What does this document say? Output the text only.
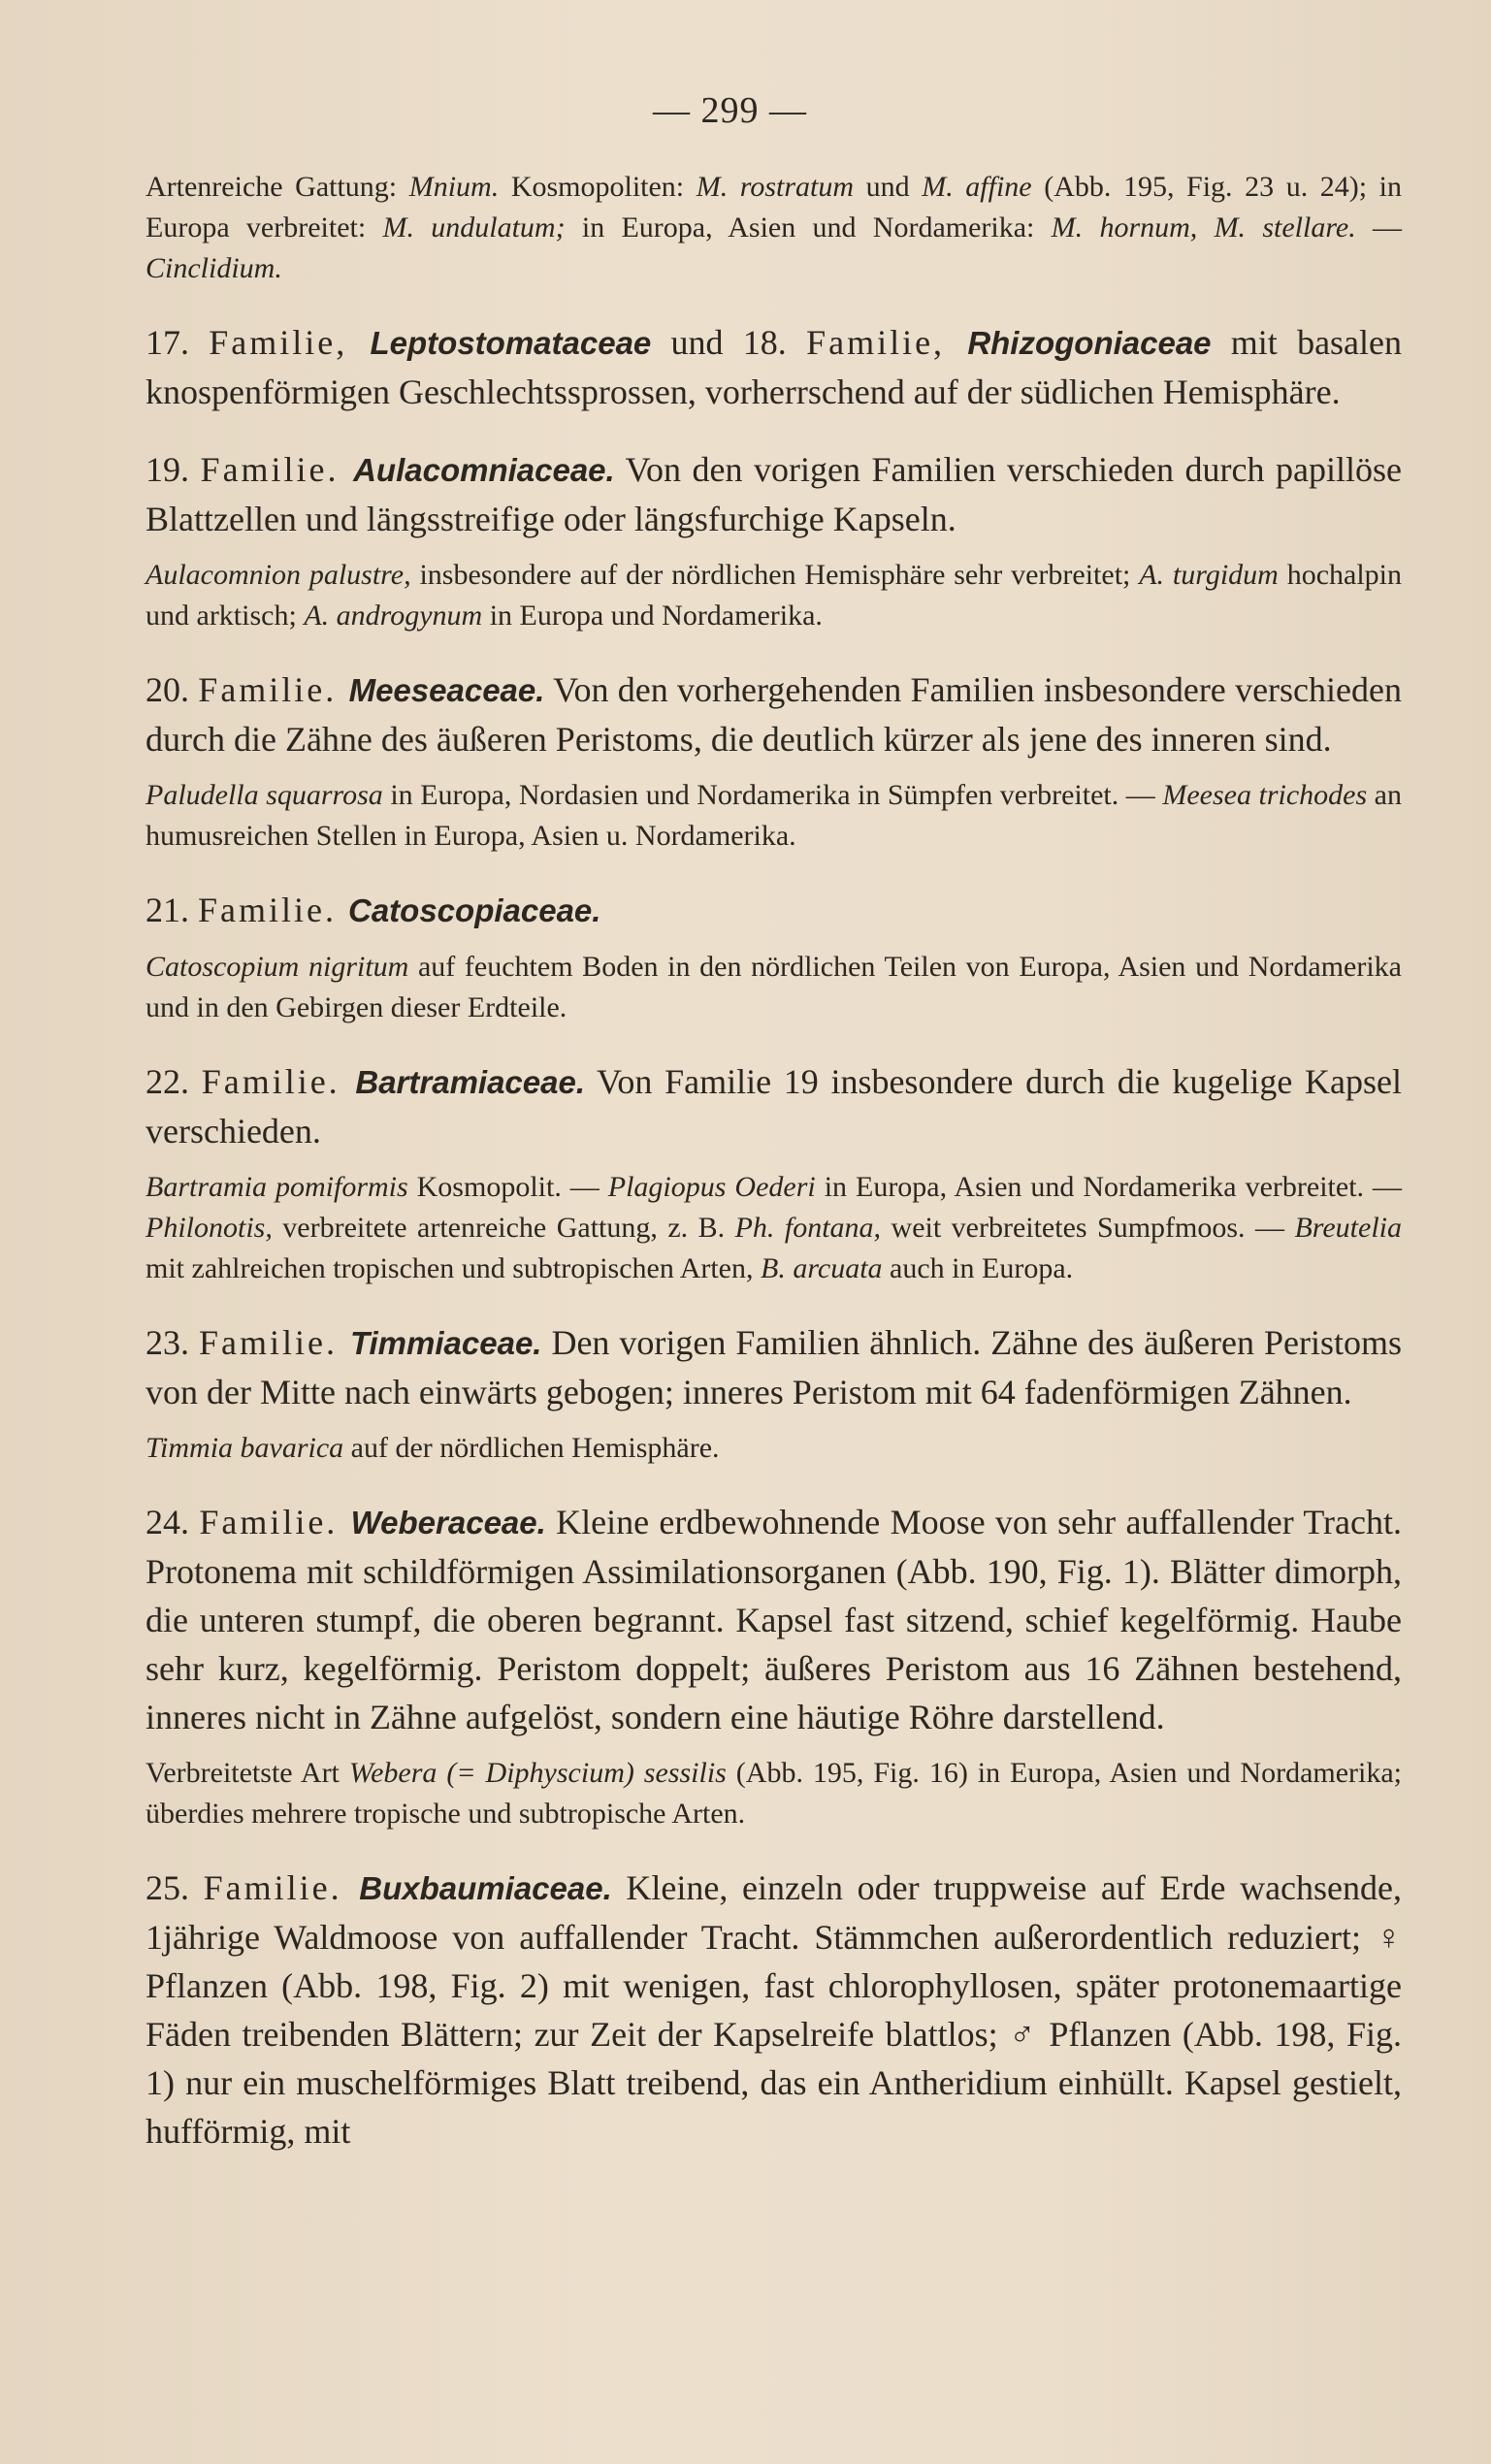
— 299 —

Artenreiche Gattung: Mnium. Kosmopoliten: M. rostratum und M. affine (Abb. 195, Fig. 23 u. 24); in Europa verbreitet: M. undulatum; in Europa, Asien und Nordamerika: M. hornum, M. stellare. — Cinclidium.

17. Familie, Leptostomataceae und 18. Familie, Rhizogoniaceae mit basalen knospenförmigen Geschlechtssprossen, vorherrschend auf der südlichen Hemisphäre.

19. Familie. Aulacomniaceae. Von den vorigen Familien verschieden durch papillöse Blattzellen und längsstreifige oder längsfurchige Kapseln.

Aulacomnion palustre, insbesondere auf der nördlichen Hemisphäre sehr verbreitet; A. turgidum hochalpin und arktisch; A. androgynum in Europa und Nordamerika.

20. Familie. Meeseaceae. Von den vorhergehenden Familien insbesondere verschieden durch die Zähne des äußeren Peristoms, die deutlich kürzer als jene des inneren sind.

Paludella squarrosa in Europa, Nordasien und Nordamerika in Sümpfen verbreitet. — Meesea trichodes an humusreichen Stellen in Europa, Asien u. Nordamerika.

21. Familie. Catoscopiaceae.

Catoscopium nigritum auf feuchtem Boden in den nördlichen Teilen von Europa, Asien und Nordamerika und in den Gebirgen dieser Erdteile.

22. Familie. Bartramiaceae. Von Familie 19 insbesondere durch die kugelige Kapsel verschieden.

Bartramia pomiformis Kosmopolit. — Plagiopus Oederi in Europa, Asien und Nordamerika verbreitet. — Philonotis, verbreitete artenreiche Gattung, z. B. Ph. fontana, weit verbreitetes Sumpfmoos. — Breutelia mit zahlreichen tropischen und subtropischen Arten, B. arcuata auch in Europa.

23. Familie. Timmiaceae. Den vorigen Familien ähnlich. Zähne des äußeren Peristoms von der Mitte nach einwärts gebogen; inneres Peristom mit 64 fadenförmigen Zähnen.

Timmia bavarica auf der nördlichen Hemisphäre.

24. Familie. Weberaceae. Kleine erdbewohnende Moose von sehr auffallender Tracht. Protonema mit schildförmigen Assimilationsorganen (Abb. 190, Fig. 1). Blätter dimorph, die unteren stumpf, die oberen begrannt. Kapsel fast sitzend, schief kegelförmig. Haube sehr kurz, kegelförmig. Peristom doppelt; äußeres Peristom aus 16 Zähnen bestehend, inneres nicht in Zähne aufgelöst, sondern eine häutige Röhre darstellend.

Verbreitetste Art Webera (= Diphyscium) sessilis (Abb. 195, Fig. 16) in Europa, Asien und Nordamerika; überdies mehrere tropische und subtropische Arten.

25. Familie. Buxbaumiaceae. Kleine, einzeln oder truppweise auf Erde wachsende, 1jährige Waldmoose von auffallender Tracht. Stämmchen außerordentlich reduziert; ♀ Pflanzen (Abb. 198, Fig. 2) mit wenigen, fast chlorophyllosen, später protonemaartige Fäden treibenden Blättern; zur Zeit der Kapselreife blattlos; ♂ Pflanzen (Abb. 198, Fig. 1) nur ein muschelförmiges Blatt treibend, das ein Antheridium einhüllt. Kapsel gestielt, hufförmig, mit
